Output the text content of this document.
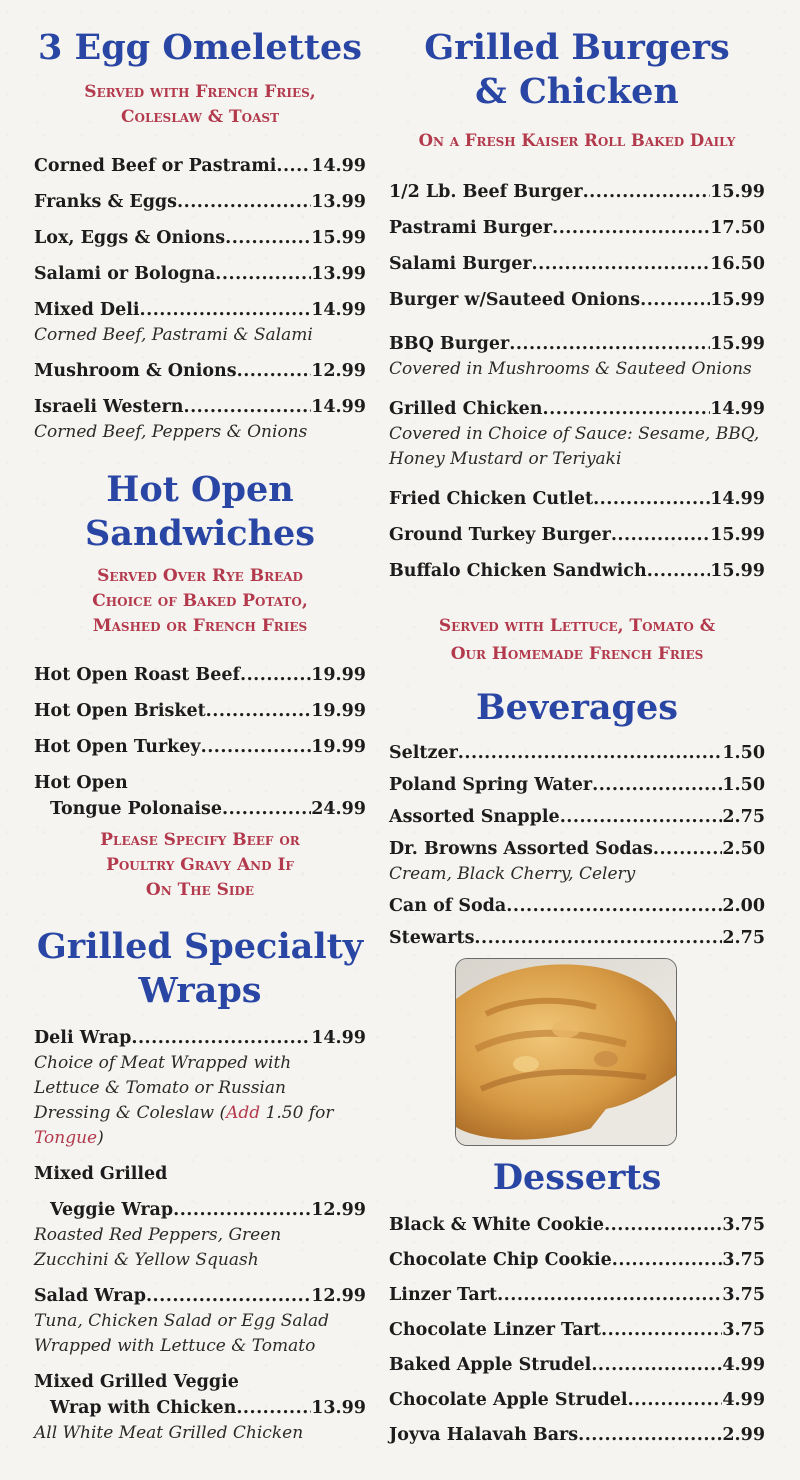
3 Egg Omelettes

Served with French Fries,

Coleslaw & Toast

Corned Beef or Pastrami ..... 14.99
Franks & Eggs .....	13.99
Lox, Eggs & Onions .....	15.99
Salami or Bologna .....	13.99
Mixed Deli .....	14.99

Corned Beef, Pastrami & Salami

Mushroom & Onions .....	12.99
Israeli Western .....	14.99

Corned Beef, Peppers & Onions

Hot Open
Sandwiches

Served Over Rye Bread

Choice of Baked Potato,

Mashed or French Fries

Hot Open Roast Beef .....	19.99
Hot Open Brisket .....	19.99
Hot Open Turkey .....	19.99
Hot Open
Tongue Polonaise .....	24.99

Please Specify Beef or

Poultry Gravy And If

On The Side

Grilled Specialty
Wraps
Deli Wrap .....	14.99

Choice of Meat Wrapped with

Lettuce & Tomato or Russian

Dressing & Coleslaw (Add 1.50 for

Tongue)

Mixed Grilled
Veggie Wrap .....	12.99

Roasted Red Peppers, Green

Zucchini & Yellow Squash

Salad Wrap .....	12.99

Tuna, Chicken Salad or Egg Salad

Wrapped with Lettuce & Tomato

Mixed Grilled Veggie
Wrap with Chicken .....	13.99

All White Meat Grilled Chicken

Grilled Burgers
& Chicken

On a Fresh Kaiser Roll Baked Daily

1/2 Lb. Beef Burger .....	15.99
Pastrami Burger .....	17.50
Salami Burger .....	16.50
Burger w/Sauteed Onions .....	15.99
BBQ Burger .....	15.99

Covered in Mushrooms & Sauteed Onions

Grilled Chicken .....	14.99

Covered in Choice of Sauce: Sesame, BBQ,

Honey Mustard or Teriyaki

Fried Chicken Cutlet .....	14.99
Ground Turkey Burger .....	15.99
Buffalo Chicken Sandwich .....	15.99

Served with Lettuce, Tomato &

Our Homemade French Fries

Beverages
Seltzer .....	1.50
Poland Spring Water .....	1.50
Assorted Snapple .....	2.75
Dr. Browns Assorted Sodas .....	2.50

Cream, Black Cherry, Celery

Can of Soda .....	2.00
Stewarts .....	2.75
Desserts
Black & White Cookie .....	3.75
Chocolate Chip Cookie .....	3.75
Linzer Tart .....	3.75
Chocolate Linzer Tart .....	3.75
Baked Apple Strudel .....	4.99
Chocolate Apple Strudel .....	4.99
Joyva Halavah Bars .....	2.99
